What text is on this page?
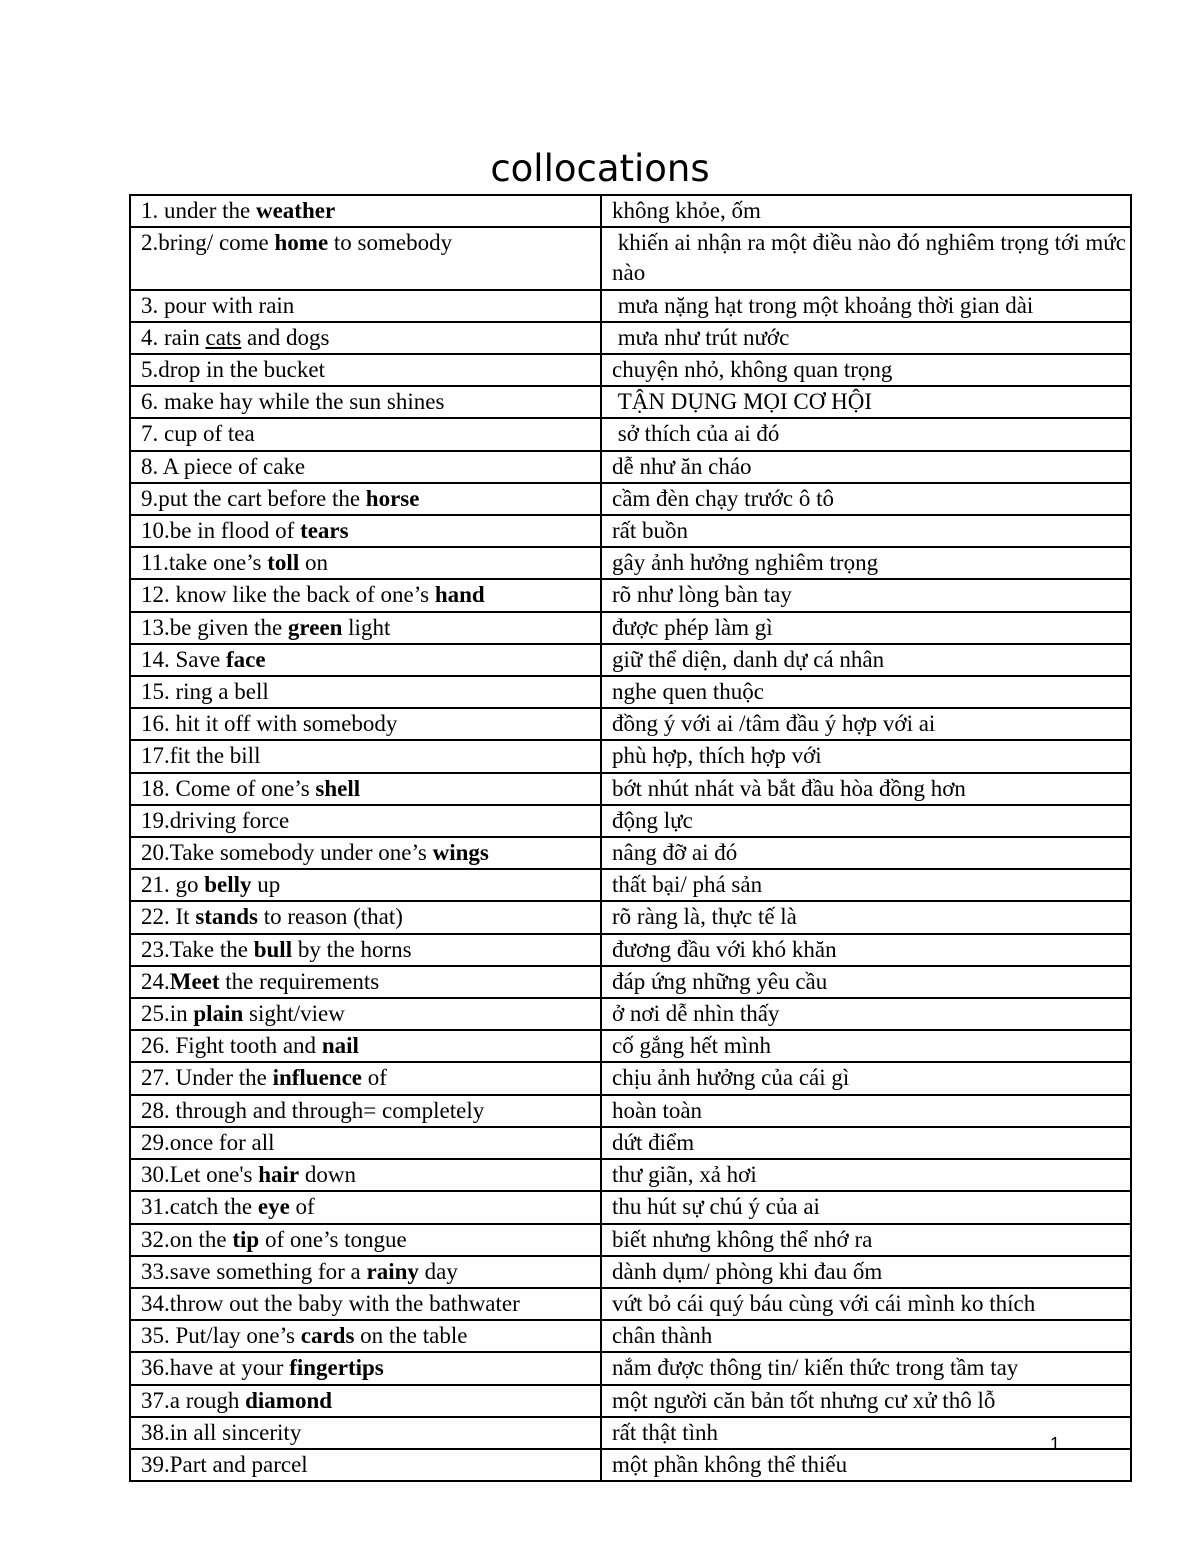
collocations
1. under the weather	không khỏe, ốm
2.bring/ come home to somebody	khiến ai nhận ra một điều nào đó nghiêm trọng tới mức nào
3. pour with rain	mưa nặng hạt trong một khoảng thời gian dài
4. rain cats and dogs	mưa như trút nước
5.drop in the bucket	chuyện nhỏ, không quan trọng
6. make hay while the sun shines	TẬN DỤNG MỌI CƠ HỘI
7. cup of tea	sở thích của ai đó
8. A piece of cake	dễ như ăn cháo
9.put the cart before the horse	cầm đèn chạy trước ô tô
10.be in flood of tears	rất buồn
11.take one’s toll on	gây ảnh hưởng nghiêm trọng
12. know like the back of one’s hand	rõ như lòng bàn tay
13.be given the green light	được phép làm gì
14. Save face	giữ thể diện, danh dự cá nhân
15. ring a bell	nghe quen thuộc
16. hit it off with somebody	đồng ý với ai /tâm đầu ý hợp với ai
17.fit the bill	phù hợp, thích hợp với
18. Come of one’s shell	bớt nhút nhát và bắt đầu hòa đồng hơn
19.driving force	động lực
20.Take somebody under one’s wings	nâng đỡ ai đó
21. go belly up	thất bại/ phá sản
22. It stands to reason (that)	rõ ràng là, thực tế là
23.Take the bull by the horns	đương đầu với khó khăn
24.Meet the requirements	đáp ứng những yêu cầu
25.in plain sight/view	ở nơi dễ nhìn thấy
26. Fight tooth and nail	cố gắng hết mình
27. Under the influence of	chịu ảnh hưởng của cái gì
28. through and through= completely	hoàn toàn
29.once for all	dứt điểm
30.Let one's hair down	thư giãn, xả hơi
31.catch the eye of	thu hút sự chú ý của ai
32.on the tip of one’s tongue	biết nhưng không thể nhớ ra
33.save something for a rainy day	dành dụm/ phòng khi đau ốm
34.throw out the baby with the bathwater	vứt bỏ cái quý báu cùng với cái mình ko thích
35. Put/lay one’s cards on the table	chân thành
36.have at your fingertips	nắm được thông tin/ kiến thức trong tầm tay
37.a rough diamond	một người căn bản tốt nhưng cư xử thô lỗ
38.in all sincerity	rất thật tình
39.Part and parcel	một phần không thể thiếu
1
